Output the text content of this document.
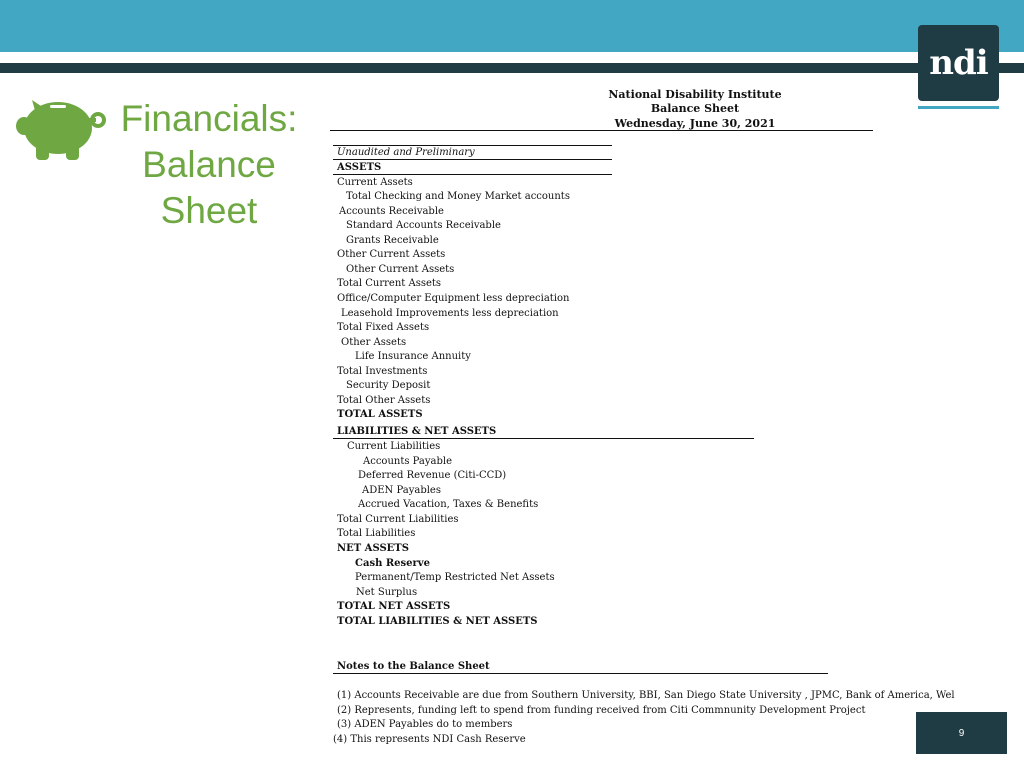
ndi
Financials:
Balance
Sheet
National Disability Institute
Balance Sheet
Wednesday, June 30, 2021
Unaudited and Preliminary
ASSETS
Current Assets
Total Checking and Money Market accounts
Accounts Receivable
Standard Accounts Receivable
Grants Receivable
Other Current Assets
Other Current Assets
Total Current Assets
Office/Computer Equipment less depreciation
Leasehold Improvements less depreciation
Total Fixed Assets
Other Assets
Life Insurance Annuity
Total Investments
Security Deposit
Total Other Assets
TOTAL ASSETS
LIABILITIES & NET ASSETS
Current Liabilities
Accounts Payable
Deferred Revenue (Citi-CCD)
ADEN Payables
Accrued Vacation, Taxes & Benefits
Total Current Liabilities
Total Liabilities
NET ASSETS
Cash Reserve
Permanent/Temp Restricted Net Assets
Net Surplus
TOTAL NET ASSETS
TOTAL LIABILITIES & NET ASSETS
Notes to the Balance Sheet
(1) Accounts Receivable are due from Southern University, BBI, San Diego State University , JPMC, Bank of America, Wel
(2) Represents, funding left to spend from funding received from Citi Commnunity Development Project
(3) ADEN Payables do to members
(4) This represents NDI Cash Reserve
9
